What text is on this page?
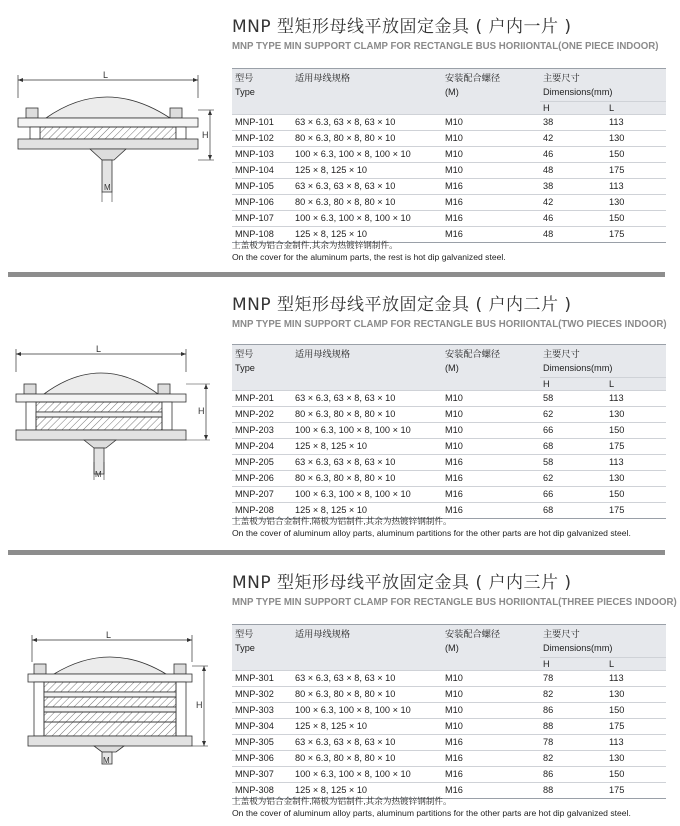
MNP 型矩形母线平放固定金具 ( 户内一片 )
MNP TYPE MIN SUPPORT CLAMP FOR RECTANGLE BUS HORIIONTAL(ONE PIECE INDOOR)
L
M
H
型号
Type	适用母线规格	安装配合螺径
(M)	主要尺寸
Dimensions(mm)	
			H	L
MNP-101	63 × 6.3, 63 × 8, 63 × 10	M10	38	113
MNP-102	80 × 6.3, 80 × 8, 80 × 10	M10	42	130
MNP-103	100 × 6.3, 100 × 8, 100 × 10	M10	46	150
MNP-104	125 × 8, 125 × 10	M10	48	175
MNP-105	63 × 6.3, 63 × 8, 63 × 10	M16	38	113
MNP-106	80 × 6.3, 80 × 8, 80 × 10	M16	42	130
MNP-107	100 × 6.3, 100 × 8, 100 × 10	M16	46	150
MNP-108	125 × 8, 125 × 10	M16	48	175
上盖板为铝合金制件,其余为热镀锌钢制件。
On the cover for the aluminum parts, the rest is hot dip galvanized steel.
MNP 型矩形母线平放固定金具 ( 户内二片 )
MNP TYPE MIN SUPPORT CLAMP FOR RECTANGLE BUS HORIIONTAL(TWO PIECES INDOOR)
L
M
H
型号
Type	适用母线规格	安装配合螺径
(M)	主要尺寸
Dimensions(mm)	
			H	L
MNP-201	63 × 6.3, 63 × 8, 63 × 10	M10	58	113
MNP-202	80 × 6.3, 80 × 8, 80 × 10	M10	62	130
MNP-203	100 × 6.3, 100 × 8, 100 × 10	M10	66	150
MNP-204	125 × 8, 125 × 10	M10	68	175
MNP-205	63 × 6.3, 63 × 8, 63 × 10	M16	58	113
MNP-206	80 × 6.3, 80 × 8, 80 × 10	M16	62	130
MNP-207	100 × 6.3, 100 × 8, 100 × 10	M16	66	150
MNP-208	125 × 8, 125 × 10	M16	68	175
上盖板为铝合金制件,隔板为铝制件,其余为热镀锌钢制件。
On the cover of aluminum alloy parts, aluminum partitions for the other parts are hot dip galvanized steel.
MNP 型矩形母线平放固定金具 ( 户内三片 )
MNP TYPE MIN SUPPORT CLAMP FOR RECTANGLE BUS HORIIONTAL(THREE PIECES INDOOR)
L
M
H
型号
Type	适用母线规格	安装配合螺径
(M)	主要尺寸
Dimensions(mm)	
			H	L
MNP-301	63 × 6.3, 63 × 8, 63 × 10	M10	78	113
MNP-302	80 × 6.3, 80 × 8, 80 × 10	M10	82	130
MNP-303	100 × 6.3, 100 × 8, 100 × 10	M10	86	150
MNP-304	125 × 8, 125 × 10	M10	88	175
MNP-305	63 × 6.3, 63 × 8, 63 × 10	M16	78	113
MNP-306	80 × 6.3, 80 × 8, 80 × 10	M16	82	130
MNP-307	100 × 6.3, 100 × 8, 100 × 10	M16	86	150
MNP-308	125 × 8, 125 × 10	M16	88	175
上盖板为铝合金制件,隔板为铝制件,其余为热镀锌钢制件。
On the cover of aluminum alloy parts, aluminum partitions for the other parts are hot dip galvanized steel.
